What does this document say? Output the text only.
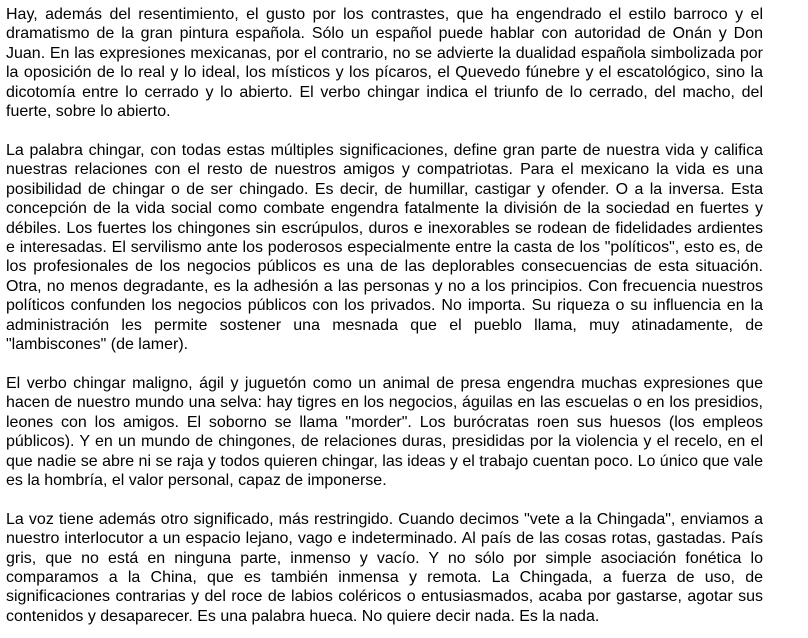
Hay, además del resentimiento, el gusto por los contrastes, que ha engendrado el estilo barroco y el dramatismo de la gran pintura española. Sólo un español puede hablar con autoridad de Onán y Don Juan. En las expresiones mexicanas, por el contrario, no se advierte la dualidad española simbolizada por la oposición de lo real y lo ideal, los místicos y los pícaros, el Quevedo fúnebre y el escatológico, sino la dicotomía entre lo cerrado y lo abierto. El verbo chingar indica el triunfo de lo cerrado, del macho, del fuerte, sobre lo abierto.

La palabra chingar, con todas estas múltiples significaciones, define gran parte de nuestra vida y califica nuestras relaciones con el resto de nuestros amigos y compatriotas. Para el mexicano la vida es una posibilidad de chingar o de ser chingado. Es decir, de humillar, castigar y ofender. O a la inversa. Esta concepción de la vida social como combate engendra fatalmente la división de la sociedad en fuertes y débiles. Los fuertes los chingones sin escrúpulos, duros e inexorables se rodean de fidelidades ardientes e interesadas. El servilismo ante los poderosos especialmente entre la casta de los "políticos", esto es, de los profesionales de los negocios públicos es una de las deplorables consecuencias de esta situación. Otra, no menos degradante, es la adhesión a las personas y no a los principios. Con frecuencia nuestros políticos confunden los negocios públicos con los privados. No importa. Su riqueza o su influencia en la administración les permite sostener una mesnada que el pueblo llama, muy atinadamente, de "lambiscones" (de lamer).

El verbo chingar maligno, ágil y juguetón como un animal de presa engendra muchas expresiones que hacen de nuestro mundo una selva: hay tigres en los negocios, águilas en las escuelas o en los presidios, leones con los amigos. El soborno se llama "morder". Los burócratas roen sus huesos (los empleos públicos). Y en un mundo de chingones, de relaciones duras, presididas por la violencia y el recelo, en el que nadie se abre ni se raja y todos quieren chingar, las ideas y el trabajo cuentan poco. Lo único que vale es la hombría, el valor personal, capaz de imponerse.

La voz tiene además otro significado, más restringido. Cuando decimos "vete a la Chingada", enviamos a nuestro interlocutor a un espacio lejano, vago e indeterminado. Al país de las cosas rotas, gastadas. País gris, que no está en ninguna parte, inmenso y vacío. Y no sólo por simple asociación fonética lo comparamos a la China, que es también inmensa y remota. La Chingada, a fuerza de uso, de significaciones contrarias y del roce de labios coléricos o entusiasmados, acaba por gastarse, agotar sus contenidos y desaparecer. Es una palabra hueca. No quiere decir nada. Es la nada.
